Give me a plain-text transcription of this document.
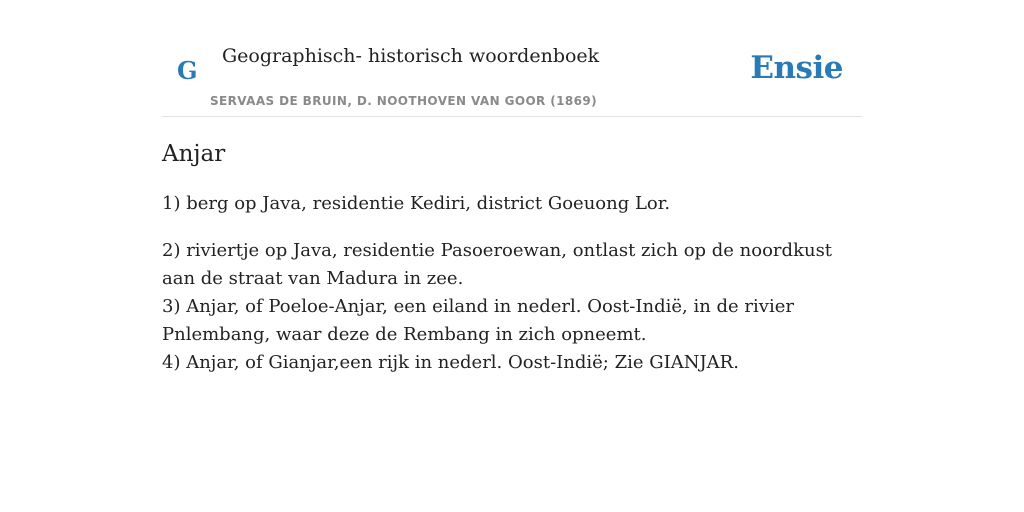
G Geographisch- historisch woordenboek
SERVAAS DE BRUIN, D. NOOTHOVEN VAN GOOR (1869)
Ensie
Anjar

1) berg op Java, residentie Kediri, district Goeuong Lor.

2) riviertje op Java, residentie Pasoeroewan, ontlast zich op de noordkust aan de straat van Madura in zee.
3) Anjar, of Poeloe-Anjar, een eiland in nederl. Oost-Indië, in de rivier Pnlembang, waar deze de Rembang in zich opneemt.
4) Anjar, of Gianjar,een rijk in nederl. Oost-Indië; Zie GIANJAR.
